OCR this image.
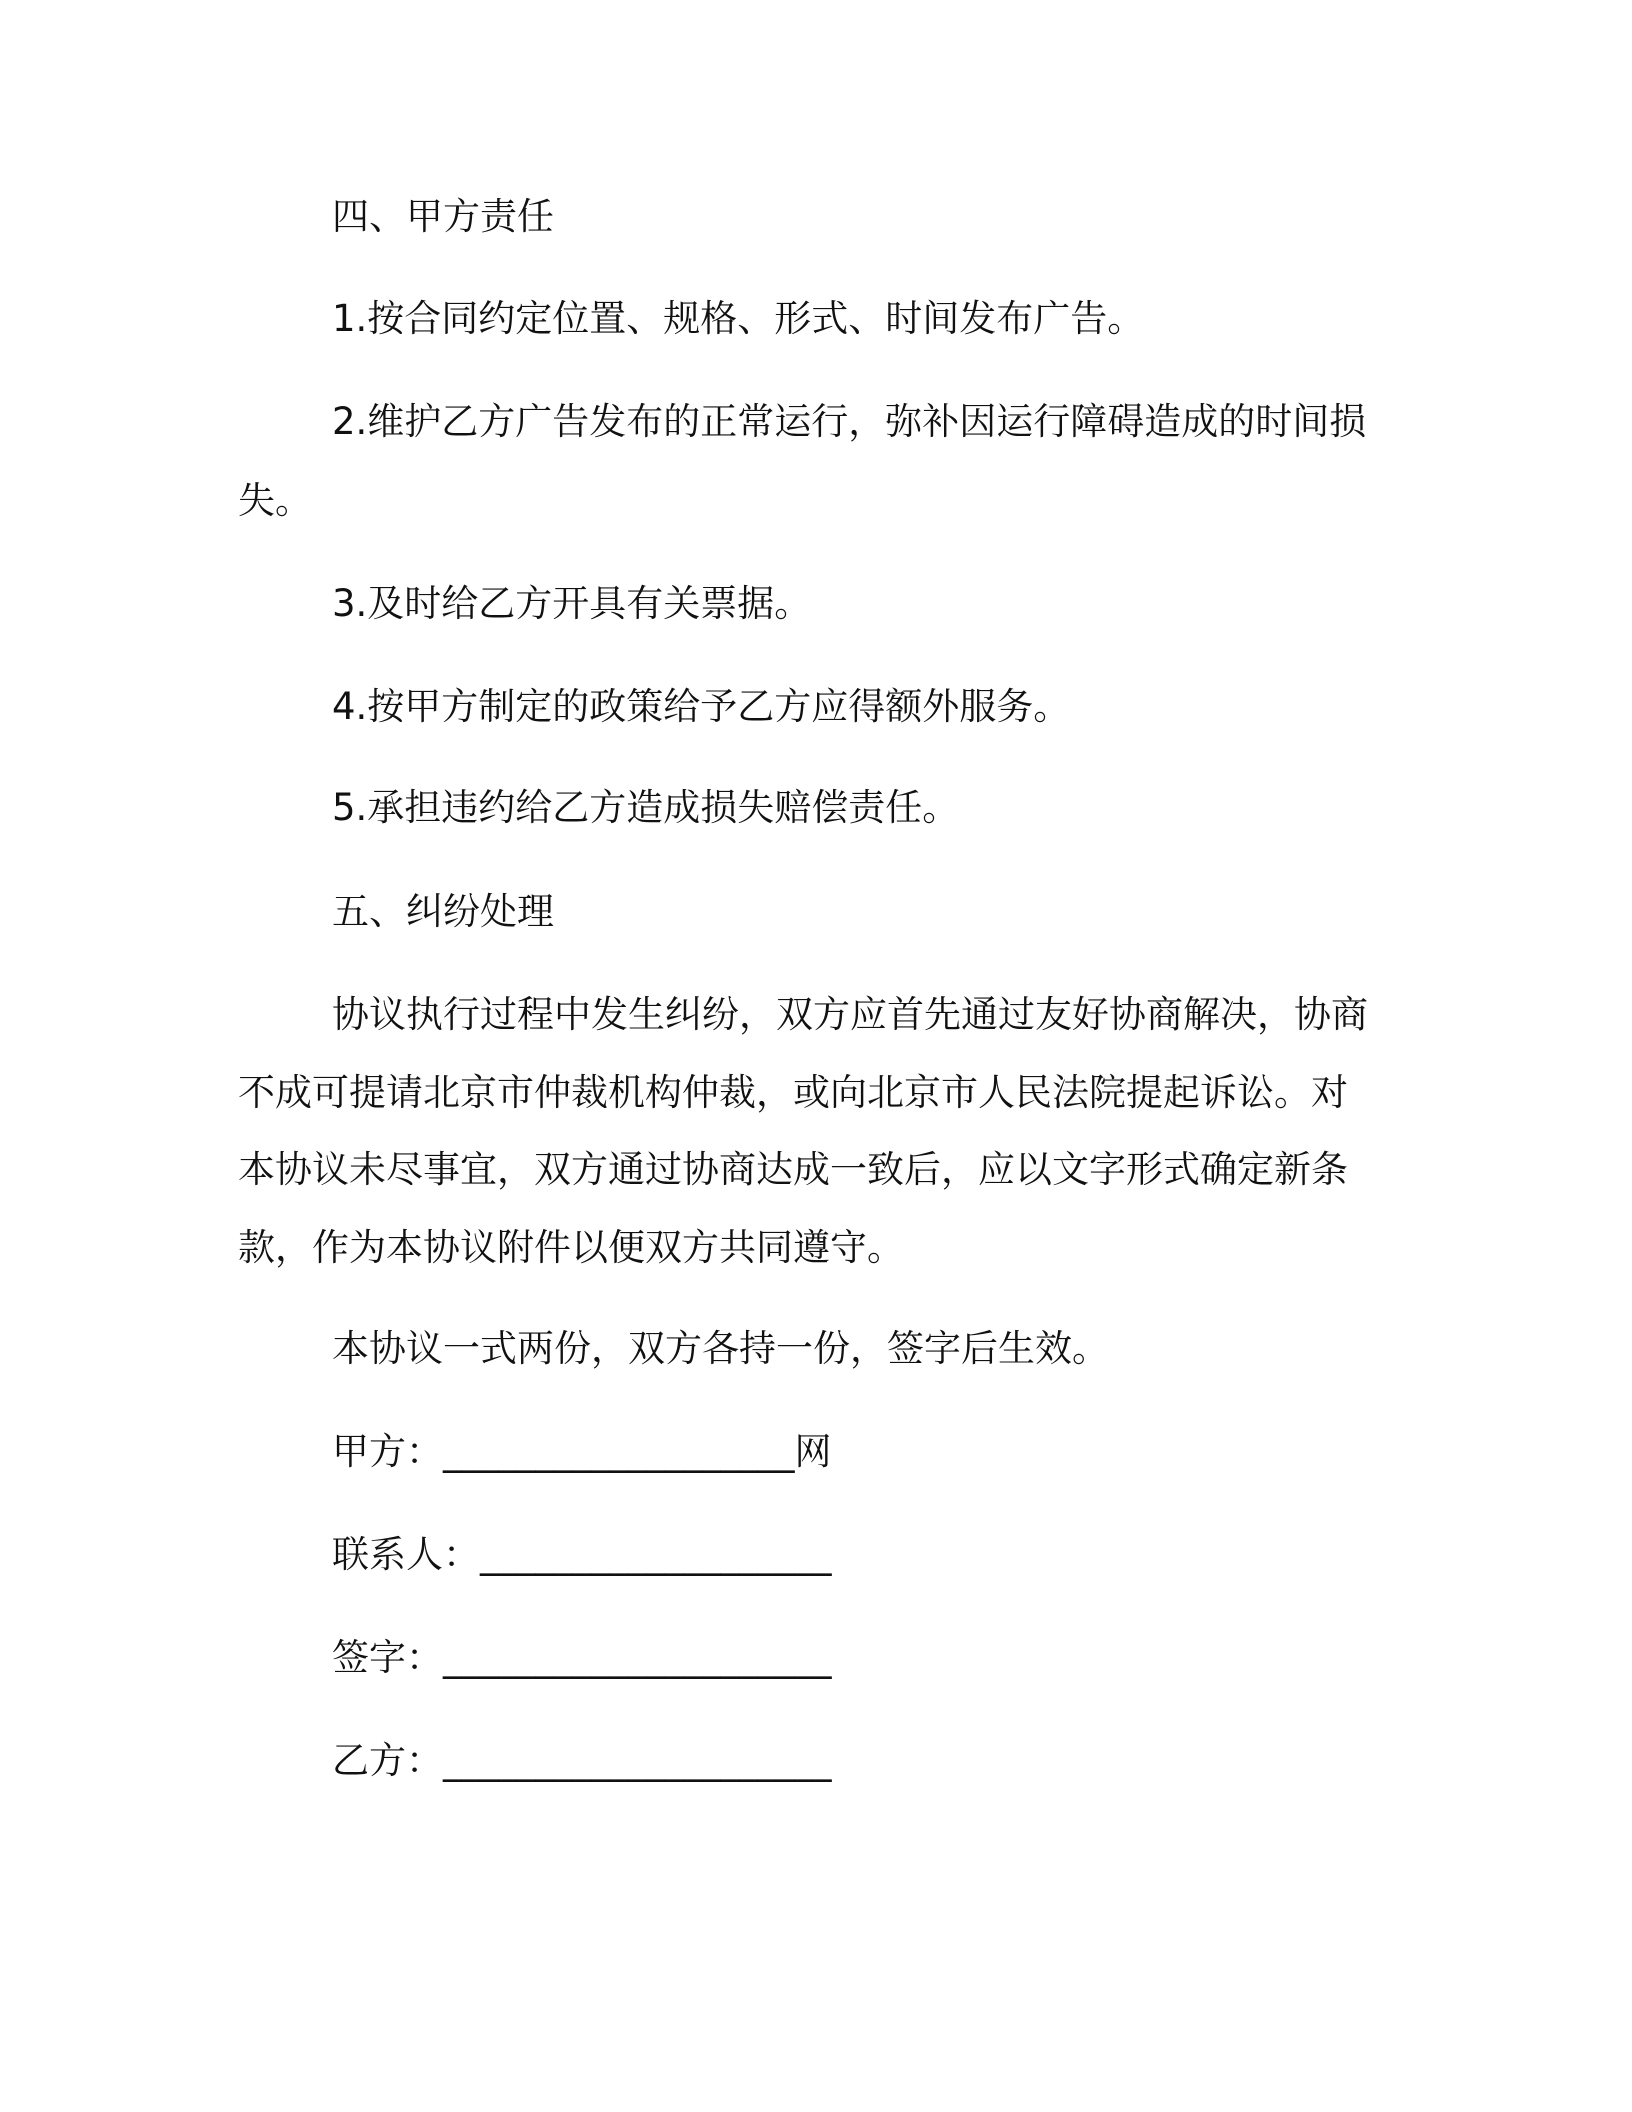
四、甲方责任
1.按合同约定位置、规格、形式、时间发布广告。
2.维护乙方广告发布的正常运行，弥补因运行障碍造成的时间损
失。
3.及时给乙方开具有关票据。
4.按甲方制定的政策给予乙方应得额外服务。
5.承担违约给乙方造成损失赔偿责任。
五、纠纷处理
协议执行过程中发生纠纷，双方应首先通过友好协商解决，协商
不成可提请北京市仲裁机构仲裁，或向北京市人民法院提起诉讼。对
本协议未尽事宜，双方通过协商达成一致后，应以文字形式确定新条
款，作为本协议附件以便双方共同遵守。
本协议一式两份，双方各持一份，签字后生效。
甲方：___________________网
联系人：___________________
签字：_____________________
乙方：_____________________
